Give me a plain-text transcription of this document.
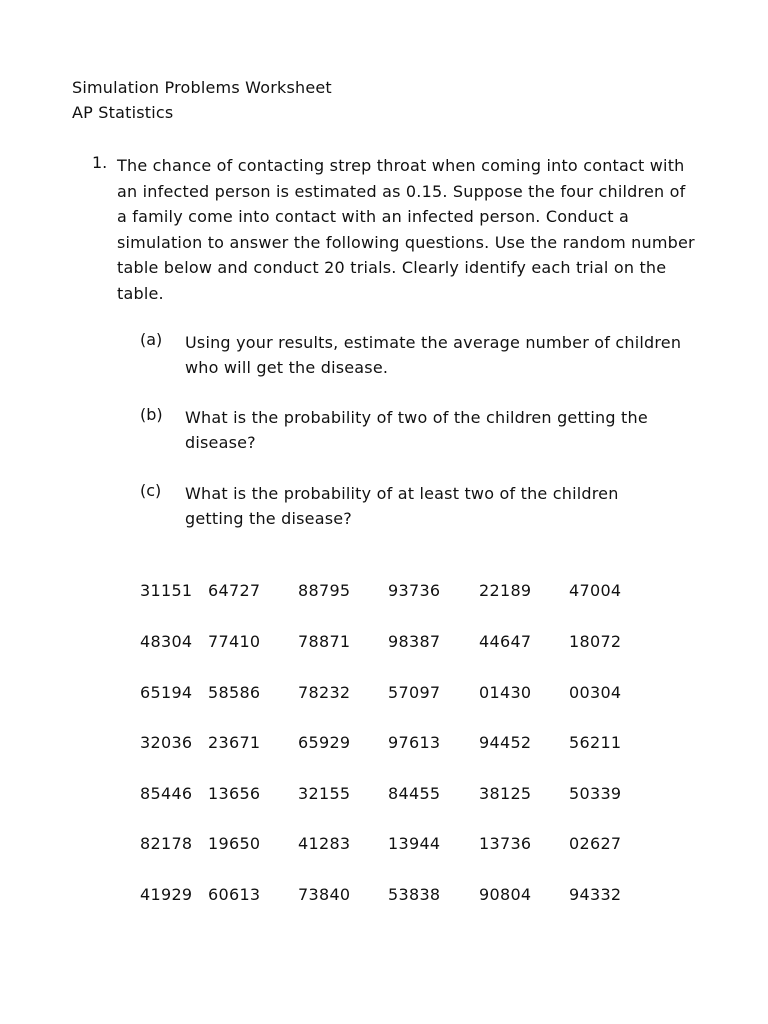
Simulation Problems Worksheet
AP Statistics
1. The chance of contacting strep throat when coming into contact with
an infected person is estimated as 0.15. Suppose the four children of
a family come into contact with an infected person. Conduct a
simulation to answer the following questions. Use the random number
table below and conduct 20 trials. Clearly identify each trial on the
table.
(a) Using your results, estimate the average number of children
who will get the disease.
(b) What is the probability of two of the children getting the
disease?
(c) What is the probability of at least two of the children
getting the disease?
31151 64727 88795 93736 22189 47004
48304 77410 78871 98387 44647 18072
65194 58586 78232 57097 01430 00304
32036 23671 65929 97613 94452 56211
85446 13656 32155 84455 38125 50339
82178 19650 41283 13944 13736 02627
41929 60613 73840 53838 90804 94332
